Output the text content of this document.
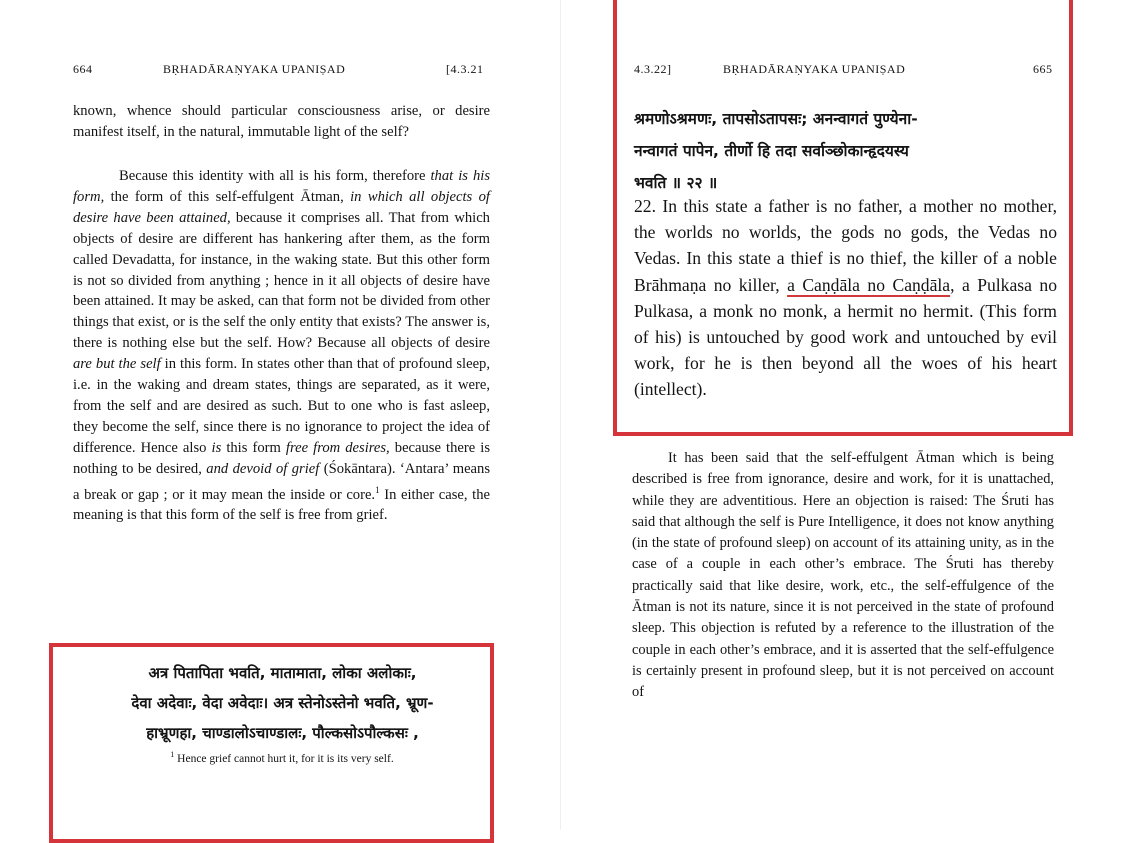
664	BṚHADĀRAṆYAKA UPANIṢAD	[4.3.21

known, whence should particular consciousness arise, or desire manifest itself, in the natural, immutable light of the self?

Because this identity with all is his form, therefore that is his form, the form of this self-effulgent Ātman, in which all objects of desire have been attained, because it comprises all. That from which objects of desire are different has hankering after them, as the form called Devadatta, for instance, in the waking state. But this other form is not so divided from anything ; hence in it all objects of desire have been attained. It may be asked, can that form not be divided from other things that exist, or is the self the only entity that exists? The answer is, there is nothing else but the self. How? Because all objects of desire are but the self in this form. In states other than that of profound sleep, i.e. in the waking and dream states, things are separated, as it were, from the self and are desired as such. But to one who is fast asleep, they become the self, since there is no ignorance to project the idea of difference. Hence also is this form free from desires, because there is nothing to be desired, and devoid of grief (Śokāntara). ‘Antara’ means a break or gap ; or it may mean the inside or core.$^1$ In either case, the meaning is that this form of the self is free from grief.

अत्र पितापिता भवति, मातामाता, लोका अलोकाः,
देवा अदेवाः, वेदा अवेदाः। अत्र स्तेनोऽस्तेनो भवति, भ्रूण-
हाभ्रूणहा, चाण्डालोऽचाण्डालः, पौल्कसोऽपौल्कसः ,

$^1$ Hence grief cannot hurt it, for it is its very self.

4.3.22]	BṚHADĀRAṆYAKA UPANIṢAD	665
श्रमणोऽश्रमणः, तापसोऽतापसः; अनन्वागतं पुण्येना-
नन्वागतं पापेन, तीर्णो हि तदा सर्वाञ्छोकान्हृदयस्य
भवति ॥ २२ ॥

22. In this state a father is no father, a mother no mother, the worlds no worlds, the gods no gods, the Vedas no Vedas. In this state a thief is no thief, the killer of a noble Brāhmaṇa no killer, a Caṇḍāla no Caṇḍāla, a Pulkasa no Pulkasa, a monk no monk, a hermit no hermit. (This form of his) is untouched by good work and untouched by evil work, for he is then beyond all the woes of his heart (intellect).

It has been said that the self-effulgent Ātman which is being described is free from ignorance, desire and work, for it is unattached, while they are adventitious. Here an objection is raised: The Śruti has said that although the self is Pure Intelligence, it does not know anything (in the state of profound sleep) on account of its attaining unity, as in the case of a couple in each other’s embrace. The Śruti has thereby practically said that like desire, work, etc., the self-effulgence of the Ātman is not its nature, since it is not perceived in the state of profound sleep. This objection is refuted by a reference to the illustration of the couple in each other’s embrace, and it is asserted that the self-effulgence is certainly present in profound sleep, but it is not perceived on account of
